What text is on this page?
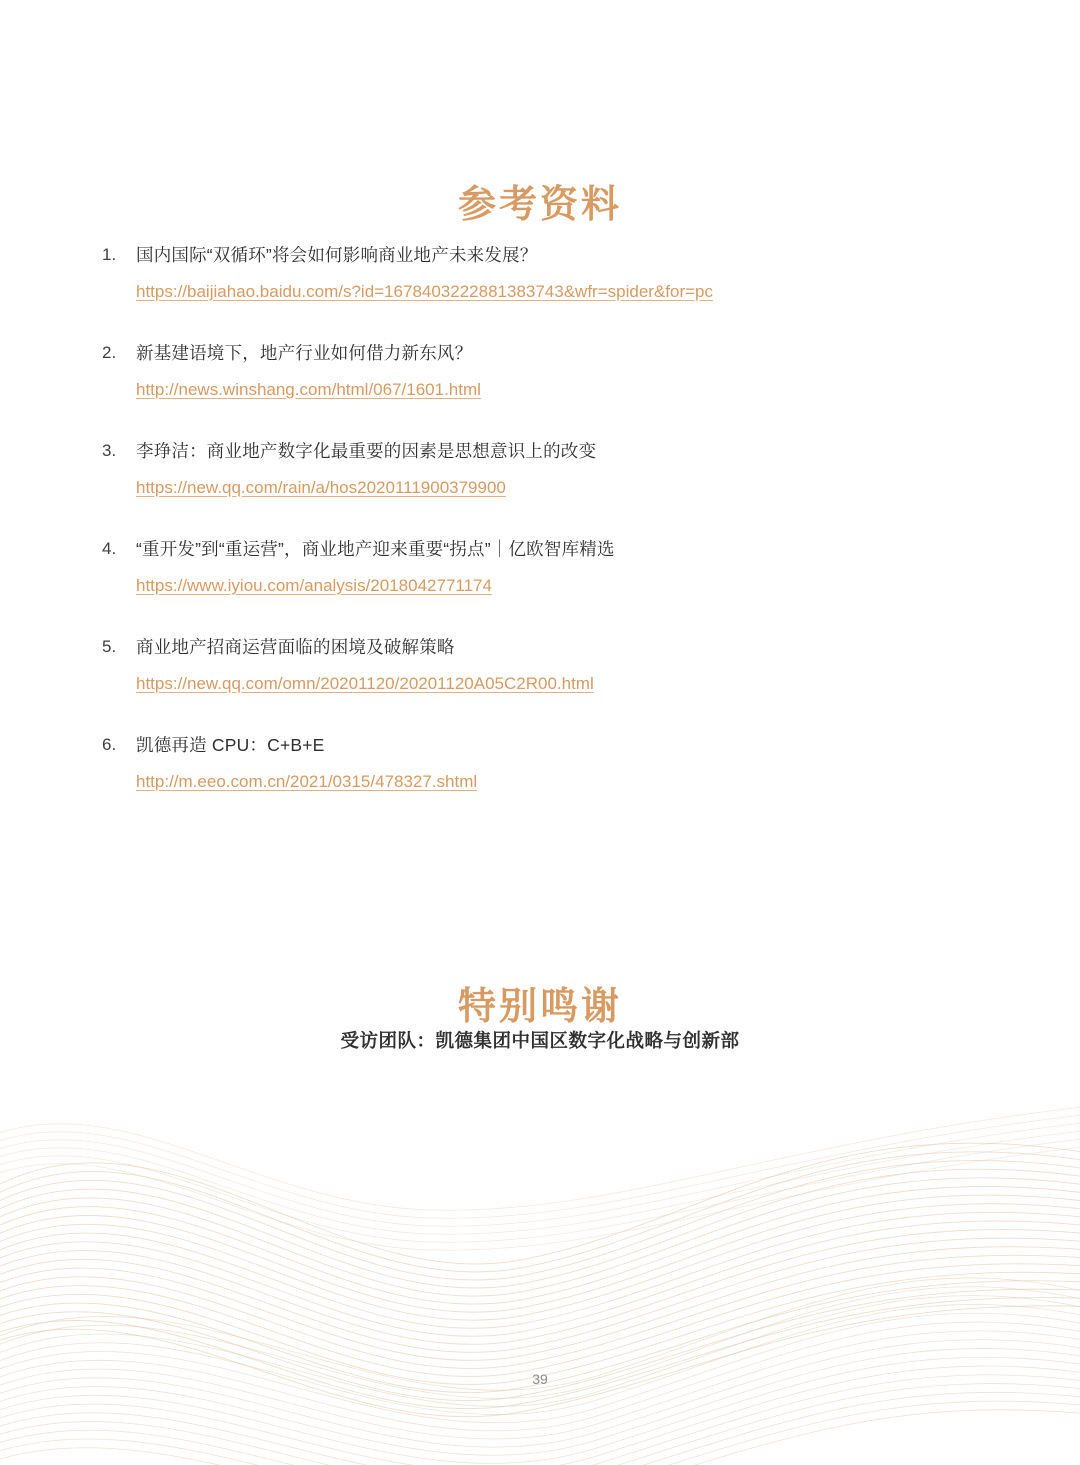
参考资料
1.	国内国际“双循环”将会如何影响商业地产未来发展？
https://baijiahao.baidu.com/s?id=1678403222881383743&wfr=spider&for=pc
2.	新基建语境下，地产行业如何借力新东风？
http://news.winshang.com/html/067/1601.html
3.	李琤洁：商业地产数字化最重要的因素是思想意识上的改变
https://new.qq.com/rain/a/hos2020111900379900
4.	“重开发”到“重运营”，商业地产迎来重要“拐点”｜亿欧智库精选
https://www.iyiou.com/analysis/2018042771174
5.	商业地产招商运营面临的困境及破解策略
https://new.qq.com/omn/20201120/20201120A05C2R00.html
6.	凯德再造 CPU：C+B+E
http://m.eeo.com.cn/2021/0315/478327.shtml
特别鸣谢
受访团队：凯德集团中国区数字化战略与创新部
39
